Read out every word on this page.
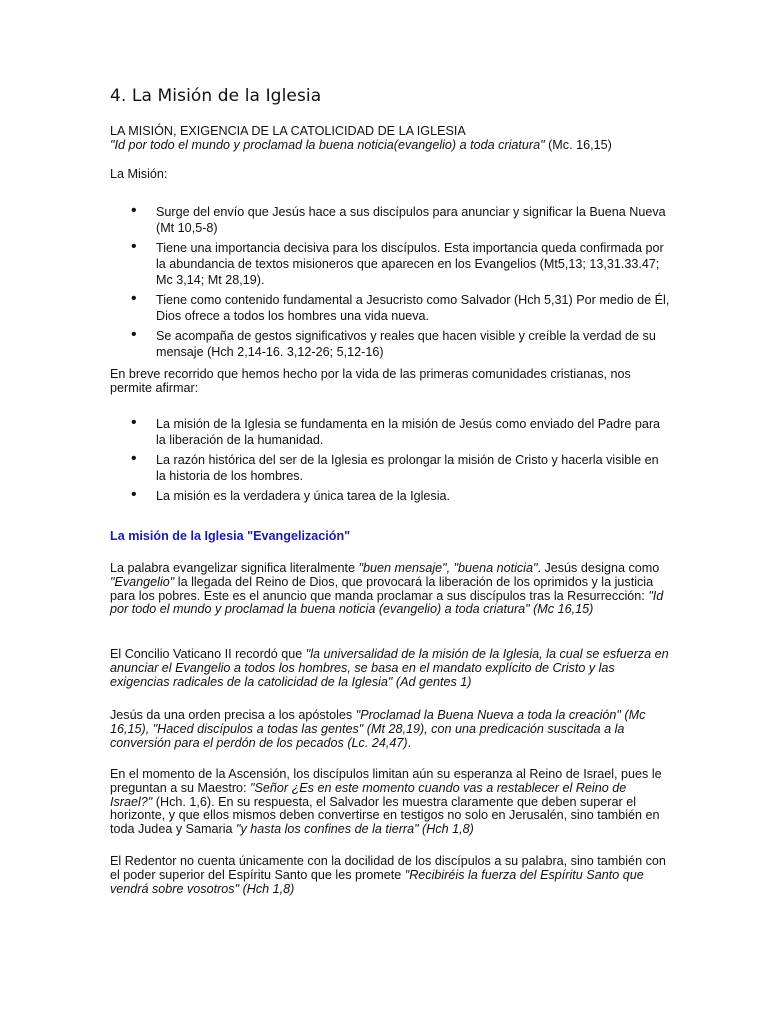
4. La Misión de la Iglesia
LA MISIÓN, EXIGENCIA DE LA CATOLICIDAD DE LA IGLESIA
"Id por todo el mundo y proclamad la buena noticia(evangelio) a toda criatura" (Mc. 16,15)
La Misión:
• Surge del envío que Jesús hace a sus discípulos para anunciar y significar la Buena Nueva (Mt 10,5-8)
• Tiene una importancia decisiva para los discípulos. Esta importancia queda confirmada por la abundancia de textos misioneros que aparecen en los Evangelios (Mt5,13; 13,31.33.47; Mc 3,14; Mt 28,19).
• Tiene como contenido fundamental a Jesucristo como Salvador (Hch 5,31) Por medio de Él, Dios ofrece a todos los hombres una vida nueva.
• Se acompaña de gestos significativos y reales que hacen visible y creíble la verdad de su mensaje (Hch 2,14-16. 3,12-26; 5,12-16)
En breve recorrido que hemos hecho por la vida de las primeras comunidades cristianas, nos permite afirmar:
• La misión de la Iglesia se fundamenta en la misión de Jesús como enviado del Padre para la liberación de la humanidad.
• La razón histórica del ser de la Iglesia es prolongar la misión de Cristo y hacerla visible en la historia de los hombres.
• La misión es la verdadera y única tarea de la Iglesia.
La misión de la Iglesia "Evangelización"
La palabra evangelizar significa literalmente "buen mensaje", "buena noticia". Jesús designa como "Evangelio" la llegada del Reino de Dios, que provocará la liberación de los oprimidos y la justicia para los pobres. Este es el anuncio que manda proclamar a sus discípulos tras la Resurrección: "Id por todo el mundo y proclamad la buena noticia (evangelio) a toda criatura" (Mc 16,15)
El Concilio Vaticano II recordó que "la universalidad de la misión de la Iglesia, la cual se esfuerza en anunciar el Evangelio a todos los hombres, se basa en el mandato explícito de Cristo y las exigencias radicales de la catolicidad de la Iglesia" (Ad gentes 1)
Jesús da una orden precisa a los apóstoles "Proclamad la Buena Nueva a toda la creación" (Mc 16,15), "Haced discípulos a todas las gentes" (Mt 28,19), con una predicación suscitada a la conversión para el perdón de los pecados (Lc. 24,47).
En el momento de la Ascensión, los discípulos limitan aún su esperanza al Reino de Israel, pues le preguntan a su Maestro: "Señor ¿Es en este momento cuando vas a restablecer el Reino de Israel?" (Hch. 1,6). En su respuesta, el Salvador les muestra claramente que deben superar el horizonte, y que ellos mismos deben convertirse en testigos no solo en Jerusalén, sino también en toda Judea y Samaria "y hasta los confines de la tierra" (Hch 1,8)
El Redentor no cuenta únicamente con la docilidad de los discípulos a su palabra, sino también con el poder superior del Espíritu Santo que les promete "Recibiréis la fuerza del Espíritu Santo que vendrá sobre vosotros" (Hch 1,8)
